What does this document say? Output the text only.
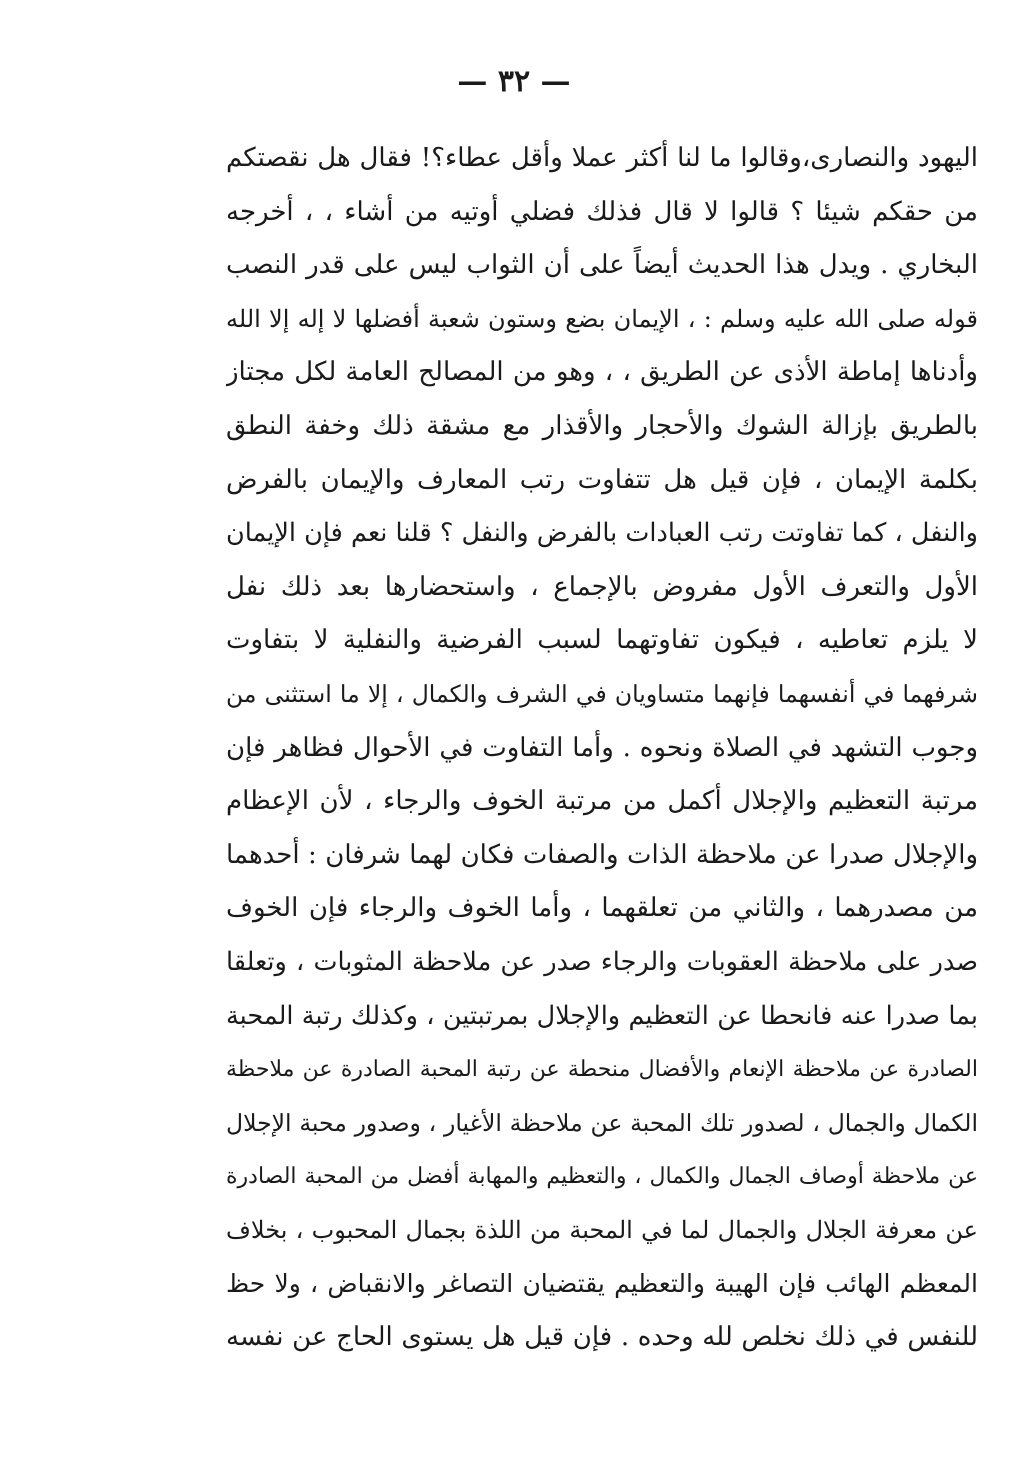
— ٣٢ —
اليهود والنصارى،وقالوا ما لنا أكثر عملا وأقل عطاء؟! فقال هل نقصتكم
من حقكم شيئا ؟ قالوا لا قال فذلك فضلي أوتيه من أشاء ، ، أخرجه
البخاري . ويدل هذا الحديث أيضاً على أن الثواب ليس على قدر النصب
قوله صلى الله عليه وسلم : ، الإيمان بضع وستون شعبة أفضلها لا إله إلا الله
وأدناها إماطة الأذى عن الطريق ، ، وهو من المصالح العامة لكل مجتاز
بالطريق بإزالة الشوك والأحجار والأقذار مع مشقة ذلك وخفة النطق
بكلمة الإيمان ، فإن قيل هل تتفاوت رتب المعارف والإيمان بالفرض
والنفل ، كما تفاوتت رتب العبادات بالفرض والنفل ؟ قلنا نعم فإن الإيمان
الأول والتعرف الأول مفروض بالإجماع ، واستحضارها بعد ذلك نفل
لا يلزم تعاطيه ، فيكون تفاوتهما لسبب الفرضية والنفلية لا بتفاوت
شرفهما في أنفسهما فإنهما متساويان في الشرف والكمال ، إلا ما استثنى من
وجوب التشهد في الصلاة ونحوه . وأما التفاوت في الأحوال فظاهر فإن
مرتبة التعظيم والإجلال أكمل من مرتبة الخوف والرجاء ، لأن الإعظام
والإجلال صدرا عن ملاحظة الذات والصفات فكان لهما شرفان : أحدهما
من مصدرهما ، والثاني من تعلقهما ، وأما الخوف والرجاء فإن الخوف
صدر على ملاحظة العقوبات والرجاء صدر عن ملاحظة المثوبات ، وتعلقا
بما صدرا عنه فانحطا عن التعظيم والإجلال بمرتبتين ، وكذلك رتبة المحبة
الصادرة عن ملاحظة الإنعام والأفضال منحطة عن رتبة المحبة الصادرة عن ملاحظة
الكمال والجمال ، لصدور تلك المحبة عن ملاحظة الأغيار ، وصدور محبة الإجلال
عن ملاحظة أوصاف الجمال والكمال ، والتعظيم والمهابة أفضل من المحبة الصادرة
عن معرفة الجلال والجمال لما في المحبة من اللذة بجمال المحبوب ، بخلاف
المعظم الهائب فإن الهيبة والتعظيم يقتضيان التصاغر والانقباض ، ولا حظ
للنفس في ذلك نخلص لله وحده . فإن قيل هل يستوى الحاج عن نفسه
